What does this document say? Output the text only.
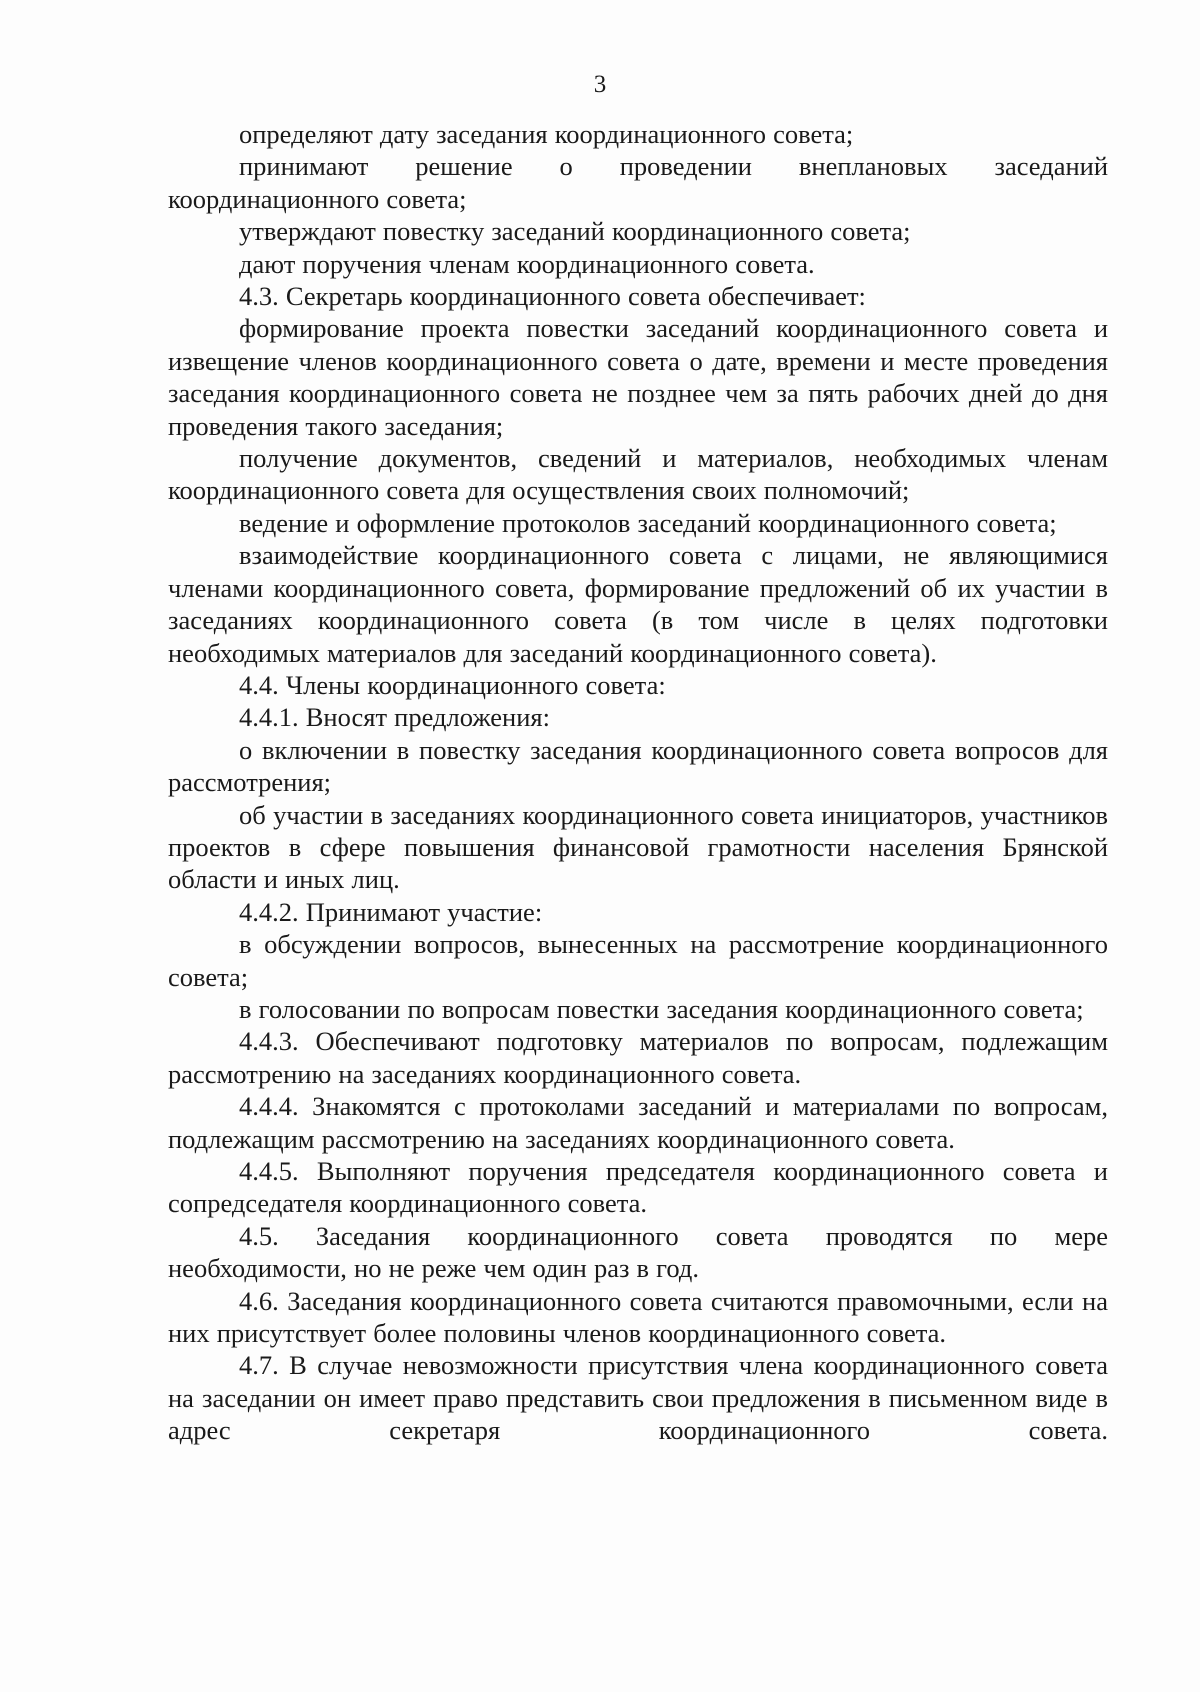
3

определяют дату заседания координационного совета;

принимают решение о проведении внеплановых заседаний координационного совета;

утверждают повестку заседаний координационного совета;

дают поручения членам координационного совета.

4.3. Секретарь координационного совета обеспечивает:

формирование проекта повестки заседаний координационного совета и извещение членов координационного совета о дате, времени и месте проведения заседания координационного совета не позднее чем за пять рабочих дней до дня проведения такого заседания;

получение документов, сведений и материалов, необходимых членам координационного совета для осуществления своих полномочий;

ведение и оформление протоколов заседаний координационного совета;

взаимодействие координационного совета с лицами, не являющимися членами координационного совета, формирование предложений об их участии в заседаниях координационного совета (в том числе в целях подготовки необходимых материалов для заседаний координационного совета).

4.4. Члены координационного совета:

4.4.1. Вносят предложения:

о включении в повестку заседания координационного совета вопросов для рассмотрения;

об участии в заседаниях координационного совета инициаторов, участников проектов в сфере повышения финансовой грамотности населения Брянской области и иных лиц.

4.4.2. Принимают участие:

в обсуждении вопросов, вынесенных на рассмотрение координационного совета;

в голосовании по вопросам повестки заседания координационного совета;

4.4.3. Обеспечивают подготовку материалов по вопросам, подлежащим рассмотрению на заседаниях координационного совета.

4.4.4. Знакомятся с протоколами заседаний и материалами по вопросам, подлежащим рассмотрению на заседаниях координационного совета.

4.4.5. Выполняют поручения председателя координационного совета и сопредседателя координационного совета.

4.5. Заседания координационного совета проводятся по мере необходимости, но не реже чем один раз в год.

4.6. Заседания координационного совета считаются правомочными, если на них присутствует более половины членов координационного совета.

4.7. В случае невозможности присутствия члена координационного совета на заседании он имеет право представить свои предложения в письменном виде в адрес секретаря координационного совета.
